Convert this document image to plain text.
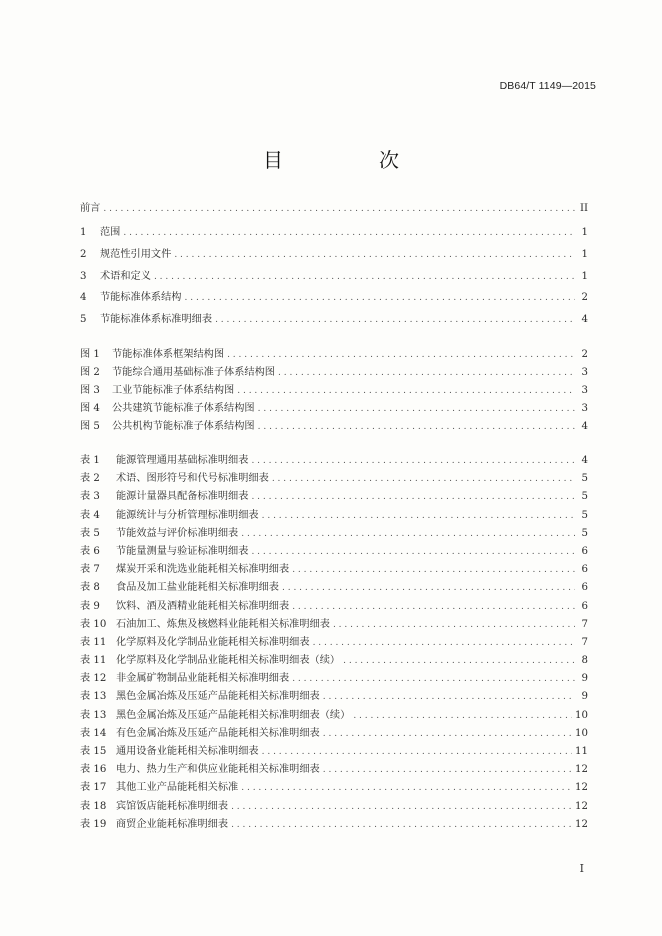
DB64/T 1149—2015
目　次
前言 . . .	II
1	范围 . . .	1
2	规范性引用文件 . . .	1
3	术语和定义 . . .	1
4	节能标准体系结构 . . .	2
5	节能标准体系标准明细表 . . .	4
图 1	节能标准体系框架结构图 . . .	2
图 2	节能综合通用基础标准子体系结构图 . . .	3
图 3	工业节能标准子体系结构图 . . .	3
图 4	公共建筑节能标准子体系结构图 . . .	3
图 5	公共机构节能标准子体系结构图 . . .	4
表 1	能源管理通用基础标准明细表 . . .	4
表 2	术语、图形符号和代号标准明细表 . . .	5
表 3	能源计量器具配备标准明细表 . . .	5
表 4	能源统计与分析管理标准明细表 . . .	5
表 5	节能效益与评价标准明细表 . . .	5
表 6	节能量测量与验证标准明细表 . . .	6
表 7	煤炭开采和洗选业能耗相关标准明细表 . . .	6
表 8	食品及加工盐业能耗相关标准明细表 . . .	6
表 9	饮料、酒及酒精业能耗相关标准明细表 . . .	6
表 10 石油加工、炼焦及核燃料业能耗相关标准明细表 . . .	7
表 11 化学原料及化学制品业能耗相关标准明细表 . . .	7
表 11 化学原料及化学制品业能耗相关标准明细表（续） . . .	8
表 12 非金属矿物制品业能耗相关标准明细表 . . .	9
表 13 黑色金属冶炼及压延产品能耗相关标准明细表 . . .	9
表 13 黑色金属冶炼及压延产品能耗相关标准明细表（续） . . .	10
表 14 有色金属冶炼及压延产品能耗相关标准明细表 . . .	10
表 15 通用设备业能耗相关标准明细表 . . .	11
表 16 电力、热力生产和供应业能耗相关标准明细表 . . .	12
表 17 其他工业产品能耗相关标准 . . .	12
表 18 宾馆饭店能耗标准明细表 . . .	12
表 19 商贸企业能耗标准明细表 . . .	12
I
